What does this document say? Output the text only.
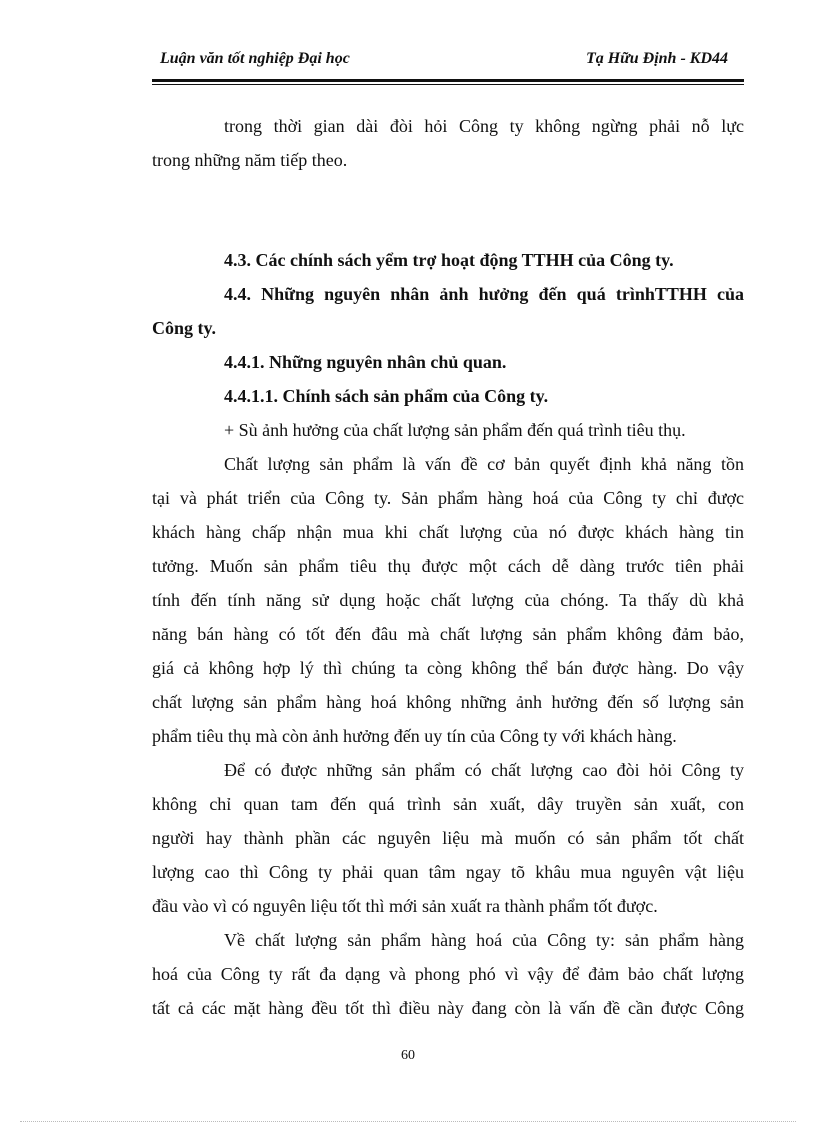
Luận văn tốt nghiệp Đại học	Tạ Hữu Định - KD44
trong thời gian dài đòi hỏi Công ty không ngừng phải nỗ lực
trong những năm tiếp theo.
4.3. Các chính sách yểm trợ hoạt động TTHH của Công ty.
4.4. Những nguyên nhân ảnh hưởng đến quá trìnhTTHH của
Công ty.
4.4.1. Những nguyên nhân chủ quan.
4.4.1.1. Chính sách sản phẩm của Công ty.
+ Sù ảnh hưởng của chất lượng sản phẩm đến quá trình tiêu thụ.
Chất lượng sản phẩm là vấn đề cơ bản quyết định khả năng tồn
tại và phát triển của Công ty. Sản phẩm hàng hoá của Công ty chỉ được
khách hàng chấp nhận mua khi chất lượng của nó được khách hàng tin
tưởng. Muốn sản phẩm tiêu thụ được một cách dễ dàng trước tiên phải
tính đến tính năng sử dụng hoặc chất lượng của chóng. Ta thấy dù khả
năng bán hàng có tốt đến đâu mà chất lượng sản phẩm không đảm bảo,
giá cả không hợp lý thì chúng ta còng không thể bán được hàng. Do vậy
chất lượng sản phẩm hàng hoá không những ảnh hưởng đến số lượng sản
phẩm tiêu thụ mà còn ảnh hưởng đến uy tín của Công ty với khách hàng.
Để có được những sản phẩm có chất lượng cao đòi hỏi Công ty
không chỉ quan tam đến quá trình sản xuất, dây truyền sản xuất, con
người hay thành phần các nguyên liệu mà muốn có sản phẩm tốt chất
lượng cao thì Công ty phải quan tâm ngay tõ khâu mua nguyên vật liệu
đầu vào vì có nguyên liệu tốt thì mới sản xuất ra thành phẩm tốt được.
Về chất lượng sản phẩm hàng hoá của Công ty: sản phẩm hàng
hoá của Công ty rất đa dạng và phong phó vì vậy để đảm bảo chất lượng
tất cả các mặt hàng đều tốt thì điều này đang còn là vấn đề cần được Công
60
